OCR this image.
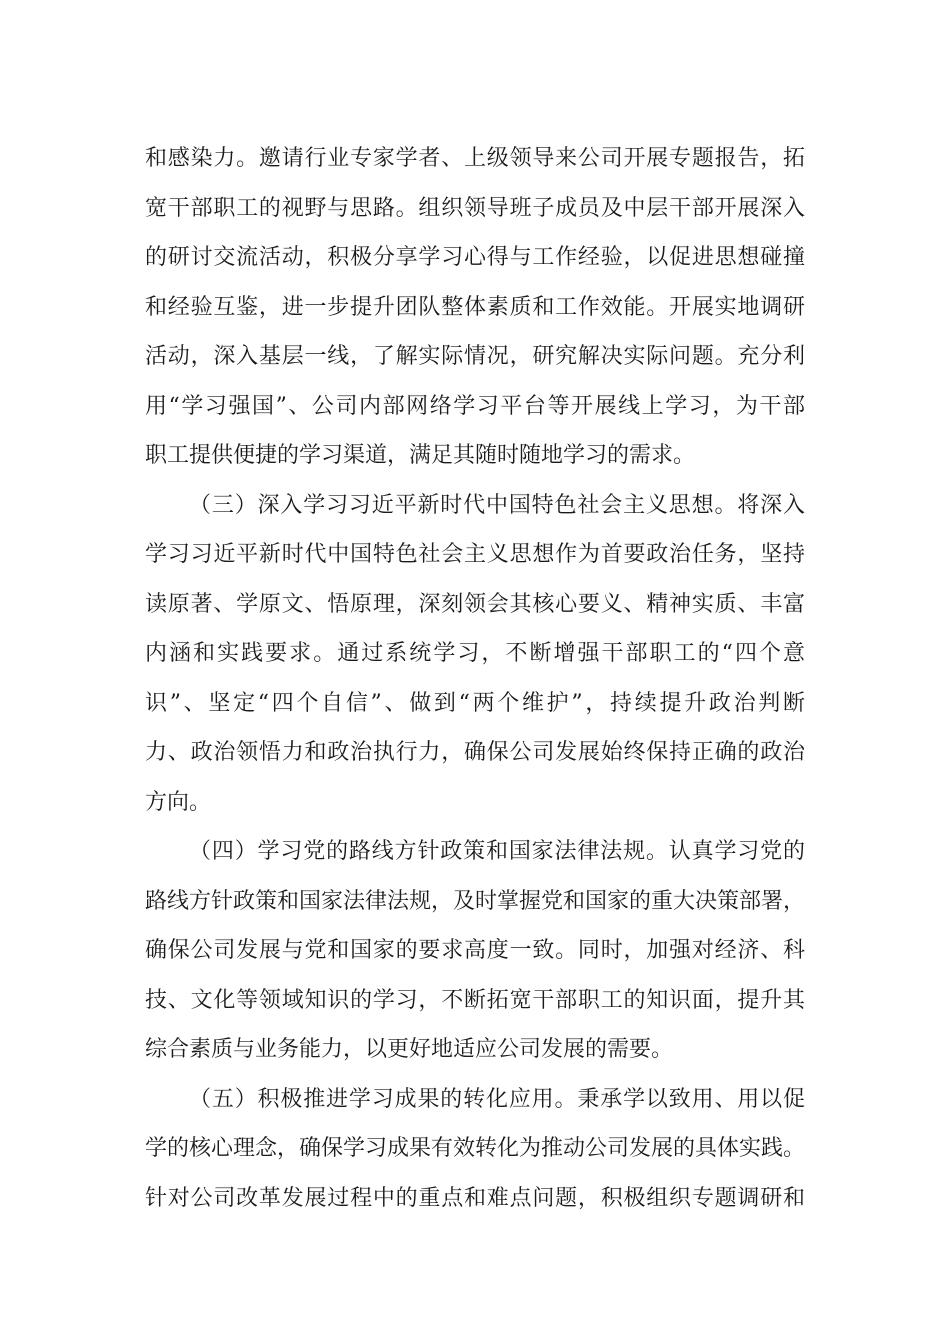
和感染力。邀请行业专家学者、上级领导来公司开展专题报告，拓
宽干部职工的视野与思路。组织领导班子成员及中层干部开展深入
的研讨交流活动，积极分享学习心得与工作经验，以促进思想碰撞
和经验互鉴，进一步提升团队整体素质和工作效能。开展实地调研
活动，深入基层一线，了解实际情况，研究解决实际问题。充分利
用“学习强国”、公司内部网络学习平台等开展线上学习，为干部
职工提供便捷的学习渠道，满足其随时随地学习的需求。
（三）深入学习习近平新时代中国特色社会主义思想。将深入
学习习近平新时代中国特色社会主义思想作为首要政治任务，坚持
读原著、学原文、悟原理，深刻领会其核心要义、精神实质、丰富
内涵和实践要求。通过系统学习，不断增强干部职工的“四个意
识”、坚定“四个自信”、做到“两个维护”，持续提升政治判断
力、政治领悟力和政治执行力，确保公司发展始终保持正确的政治
方向。
（四）学习党的路线方针政策和国家法律法规。认真学习党的
路线方针政策和国家法律法规，及时掌握党和国家的重大决策部署，
确保公司发展与党和国家的要求高度一致。同时，加强对经济、科
技、文化等领域知识的学习，不断拓宽干部职工的知识面，提升其
综合素质与业务能力，以更好地适应公司发展的需要。
（五）积极推进学习成果的转化应用。秉承学以致用、用以促
学的核心理念，确保学习成果有效转化为推动公司发展的具体实践。
针对公司改革发展过程中的重点和难点问题，积极组织专题调研和
